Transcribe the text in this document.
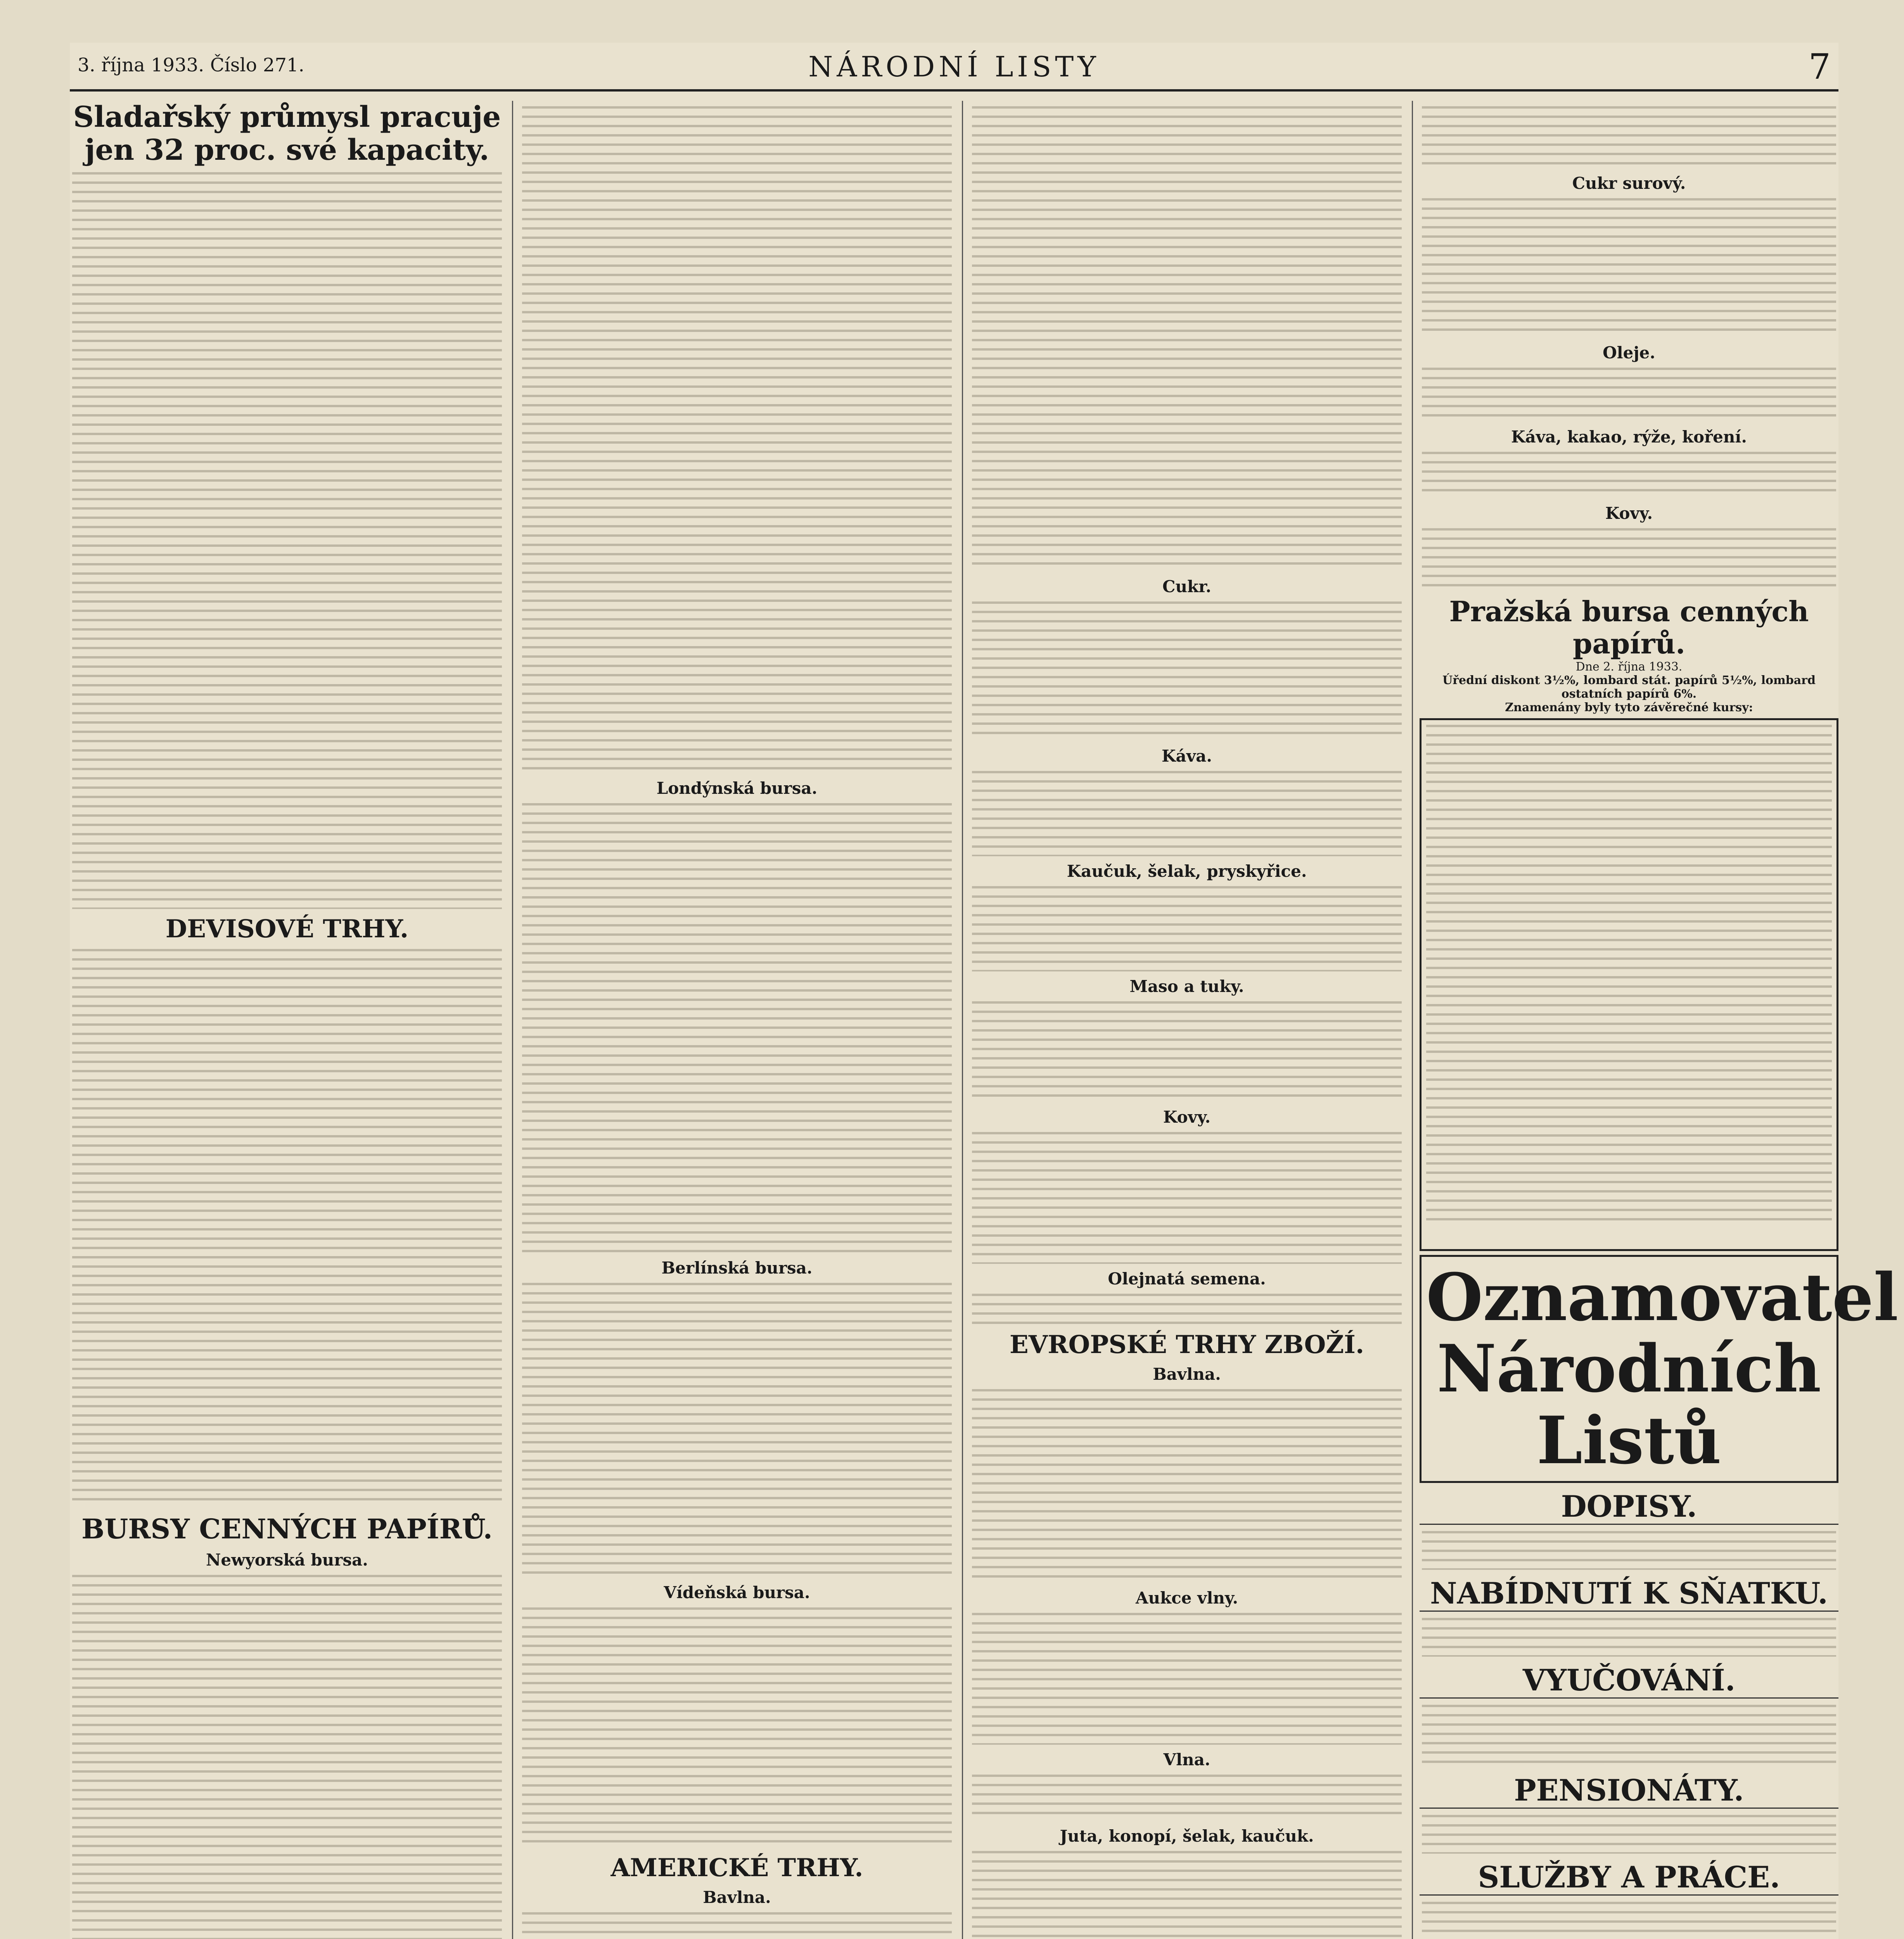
3. října 1933. Číslo 271.	NÁRODNÍ LISTY	7
Sladařský průmysl pracuje jen 32 proc. své kapacity.
DEVISOVÉ TRHY.
BURSY CENNÝCH PAPÍRŮ.
Newyorská bursa.
Londýnská bursa.
Berlínská bursa.
Vídeňská bursa.
AMERICKÉ TRHY.
Bavlna.
Cukr.
Káva.
Kaučuk, šelak, pryskyřice.
Maso a tuky.
Kovy.
Olejnatá semena.
EVROPSKÉ TRHY ZBOŽÍ.
Bavlna.
Aukce vlny.
Vlna.
Juta, konopí, šelak, kaučuk.
Cukr surový.
Oleje.
Káva, kakao, rýže, koření.
Kovy.
Pražská bursa cenných papírů.
Dne 2. října 1933.
Úřední diskont 3½%, lombard stát. papírů 5½%, lombard ostatních papírů 6%.
Znamenány byly tyto závěrečné kursy:
Oznamovatel
Národních Listů
DOPISY.
NABÍDNUTÍ K SŇATKU.
VYUČOVÁNÍ.
PENSIONÁTY.
SLUŽBY A PRÁCE.
